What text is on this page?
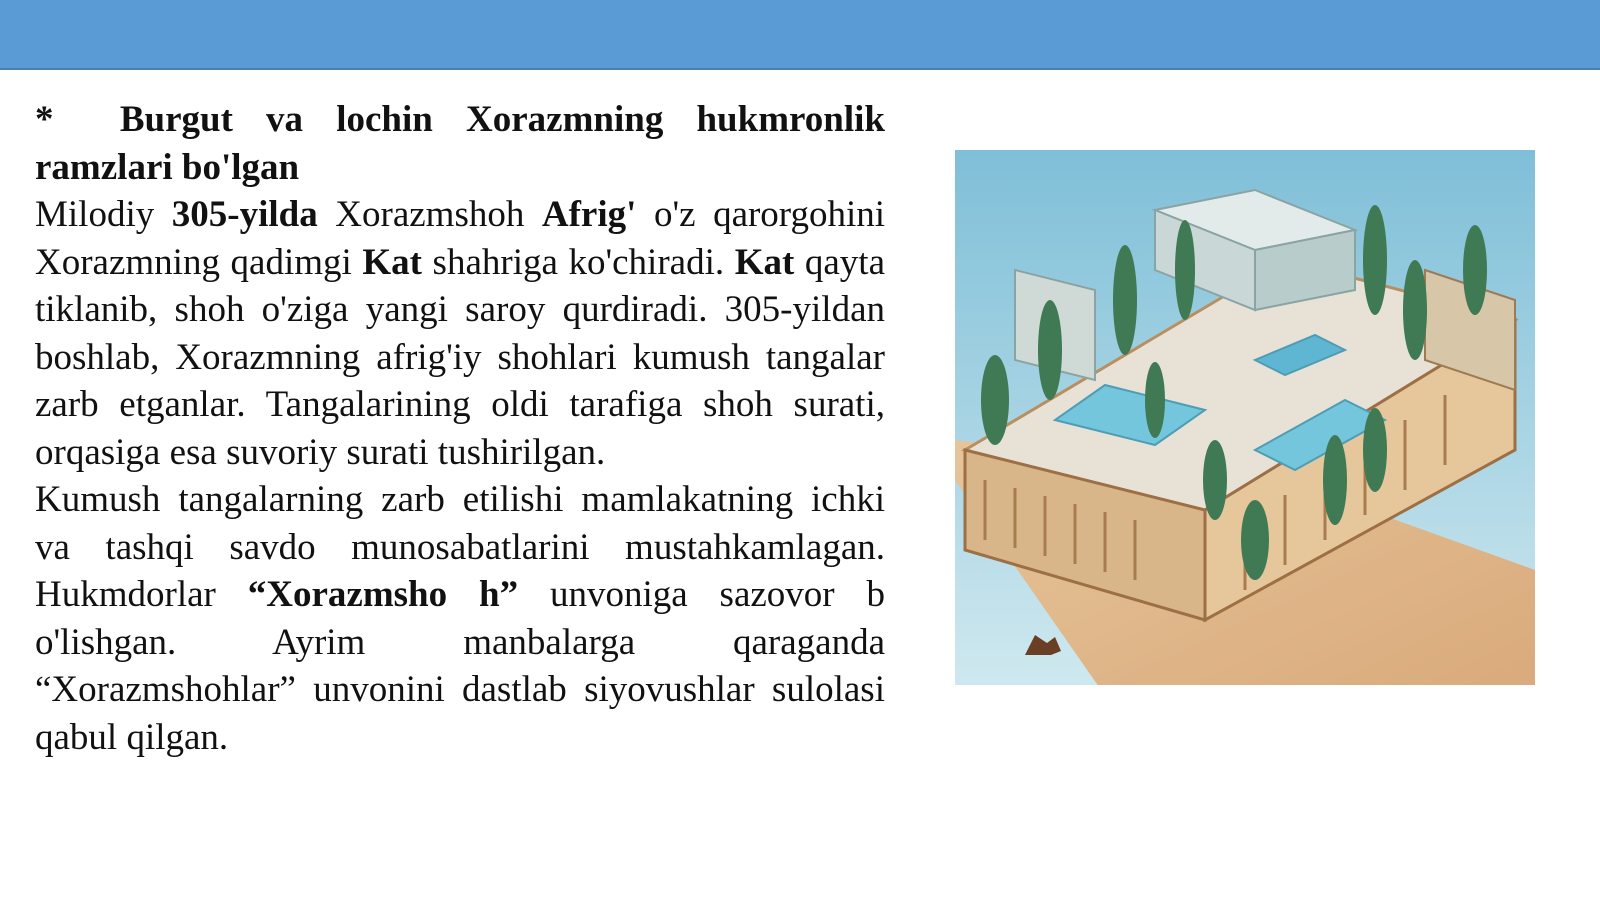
* Burgut va lochin Xorazmning hukmronlik

ramzlari bo'lgan

Milodiy 305-yilda Xorazmshoh Afrig' o'z qarorgohini Xorazmning qadimgi Kat shahriga ko'chiradi. Kat qayta tiklanib, shoh o'ziga yangi saroy qurdiradi. 305-yildan boshlab, Xorazmning afrig'iy shohlari kumush tangalar zarb etganlar. Tangalarining oldi tarafiga shoh surati, orqasiga esa suvoriy surati tushirilgan.

Kumush tangalarning zarb etilishi mamlakatning ichki va tashqi savdo munosabatlarini mustahkamlagan. Hukmdorlar “Xorazmsho h” unvoniga sazovor b o'lishgan. Ayrim manbalarga qaraganda “Xorazmshohlar” unvonini dastlab siyovushlar sulolasi qabul qilgan.
